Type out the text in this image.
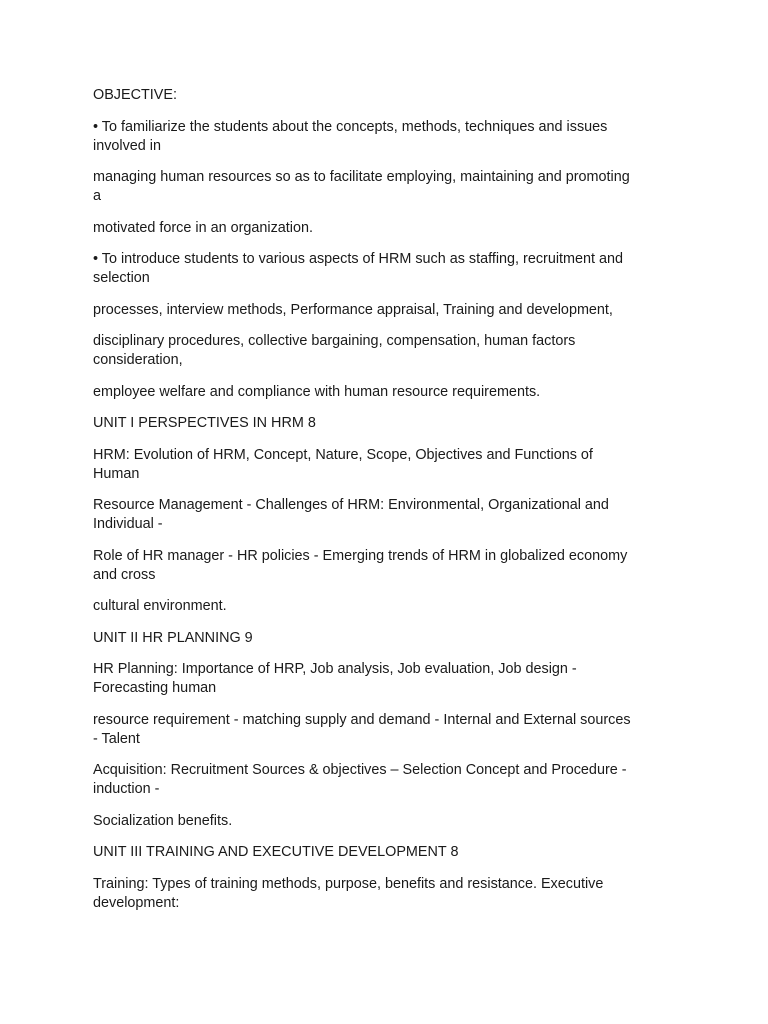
OBJECTIVE:

• To familiarize the students about the concepts, methods, techniques and issues
involved in

managing human resources so as to facilitate employing, maintaining and promoting
a

motivated force in an organization.

• To introduce students to various aspects of HRM such as staffing, recruitment and
selection

processes, interview methods, Performance appraisal, Training and development,

disciplinary procedures, collective bargaining, compensation, human factors
consideration,

employee welfare and compliance with human resource requirements.

UNIT I PERSPECTIVES IN HRM 8

HRM: Evolution of HRM, Concept, Nature, Scope, Objectives and Functions of
Human

Resource Management - Challenges of HRM: Environmental, Organizational and
Individual -

Role of HR manager - HR policies - Emerging trends of HRM in globalized economy
and cross

cultural environment.

UNIT II HR PLANNING 9

HR Planning: Importance of HRP, Job analysis, Job evaluation, Job design -
Forecasting human

resource requirement - matching supply and demand - Internal and External sources
- Talent

Acquisition: Recruitment Sources & objectives – Selection Concept and Procedure -
induction -

Socialization benefits.

UNIT III TRAINING AND EXECUTIVE DEVELOPMENT 8

Training: Types of training methods, purpose, benefits and resistance. Executive
development:
